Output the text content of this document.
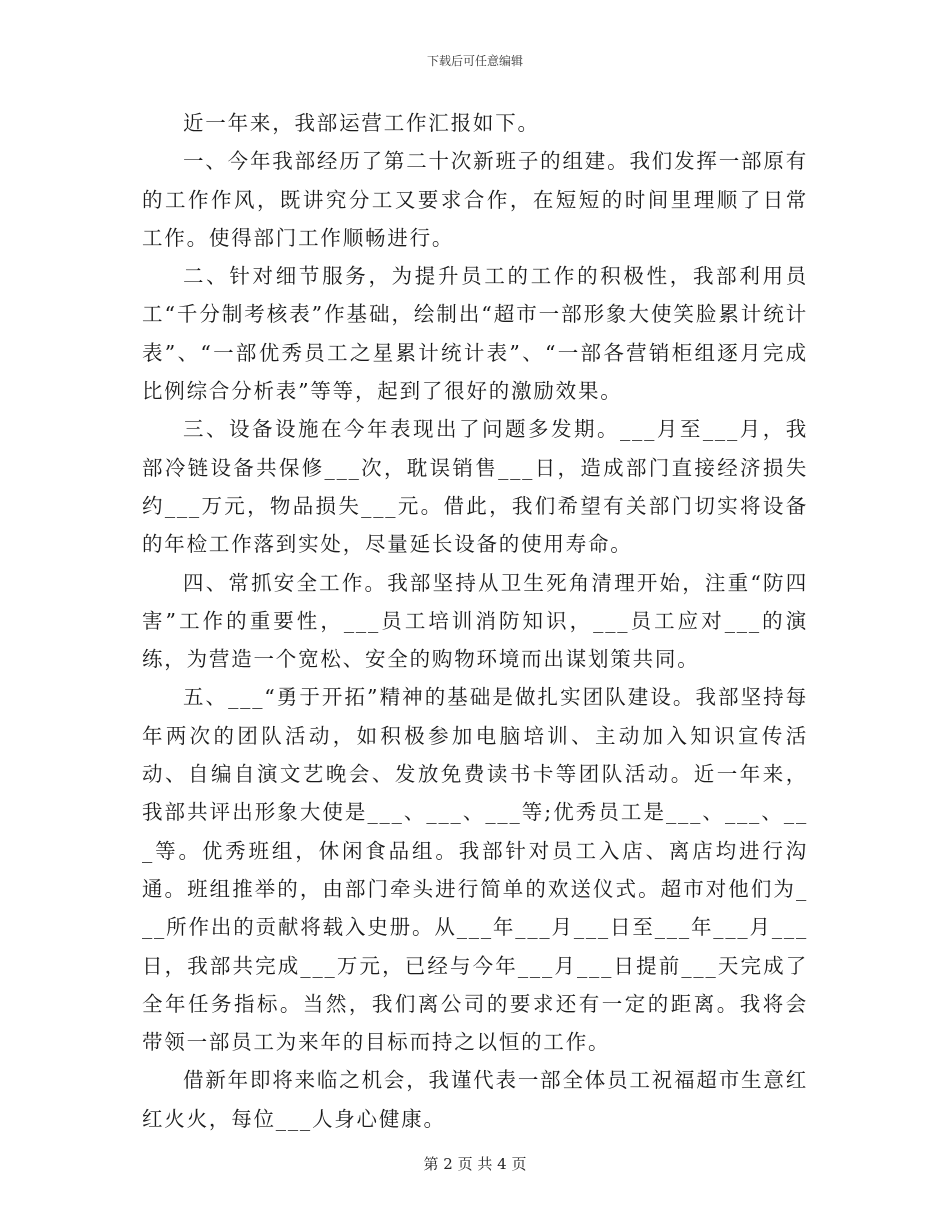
下载后可任意编辑

近一年来，我部运营工作汇报如下。

一、今年我部经历了第二十次新班子的组建。我们发挥一部原有的工作作风，既讲究分工又要求合作，在短短的时间里理顺了日常工作。使得部门工作顺畅进行。

二、针对细节服务，为提升员工的工作的积极性，我部利用员工“千分制考核表”作基础，绘制出“超市一部形象大使笑脸累计统计表”、“一部优秀员工之星累计统计表”、“一部各营销柜组逐月完成比例综合分析表”等等，起到了很好的激励效果。

三、设备设施在今年表现出了问题多发期。___月至___月，我部冷链设备共保修___次，耽误销售___日，造成部门直接经济损失约___万元，物品损失___元。借此，我们希望有关部门切实将设备的年检工作落到实处，尽量延长设备的使用寿命。

四、常抓安全工作。我部坚持从卫生死角清理开始，注重“防四害”工作的重要性，___员工培训消防知识，___员工应对___的演练，为营造一个宽松、安全的购物环境而出谋划策共同。

五、___“勇于开拓”精神的基础是做扎实团队建设。我部坚持每年两次的团队活动，如积极参加电脑培训、主动加入知识宣传活动、自编自演文艺晚会、发放免费读书卡等团队活动。近一年来，我部共评出形象大使是___、___、___等;优秀员工是___、___、___等。优秀班组，休闲食品组。我部针对员工入店、离店均进行沟通。班组推举的，由部门牵头进行简单的欢送仪式。超市对他们为___所作出的贡献将载入史册。从___年___月___日至___年___月___日，我部共完成___万元，已经与今年___月___日提前___天完成了全年任务指标。当然，我们离公司的要求还有一定的距离。我将会带领一部员工为来年的目标而持之以恒的工作。

借新年即将来临之机会，我谨代表一部全体员工祝福超市生意红红火火，每位___人身心健康。

第 2 页 共 4 页
